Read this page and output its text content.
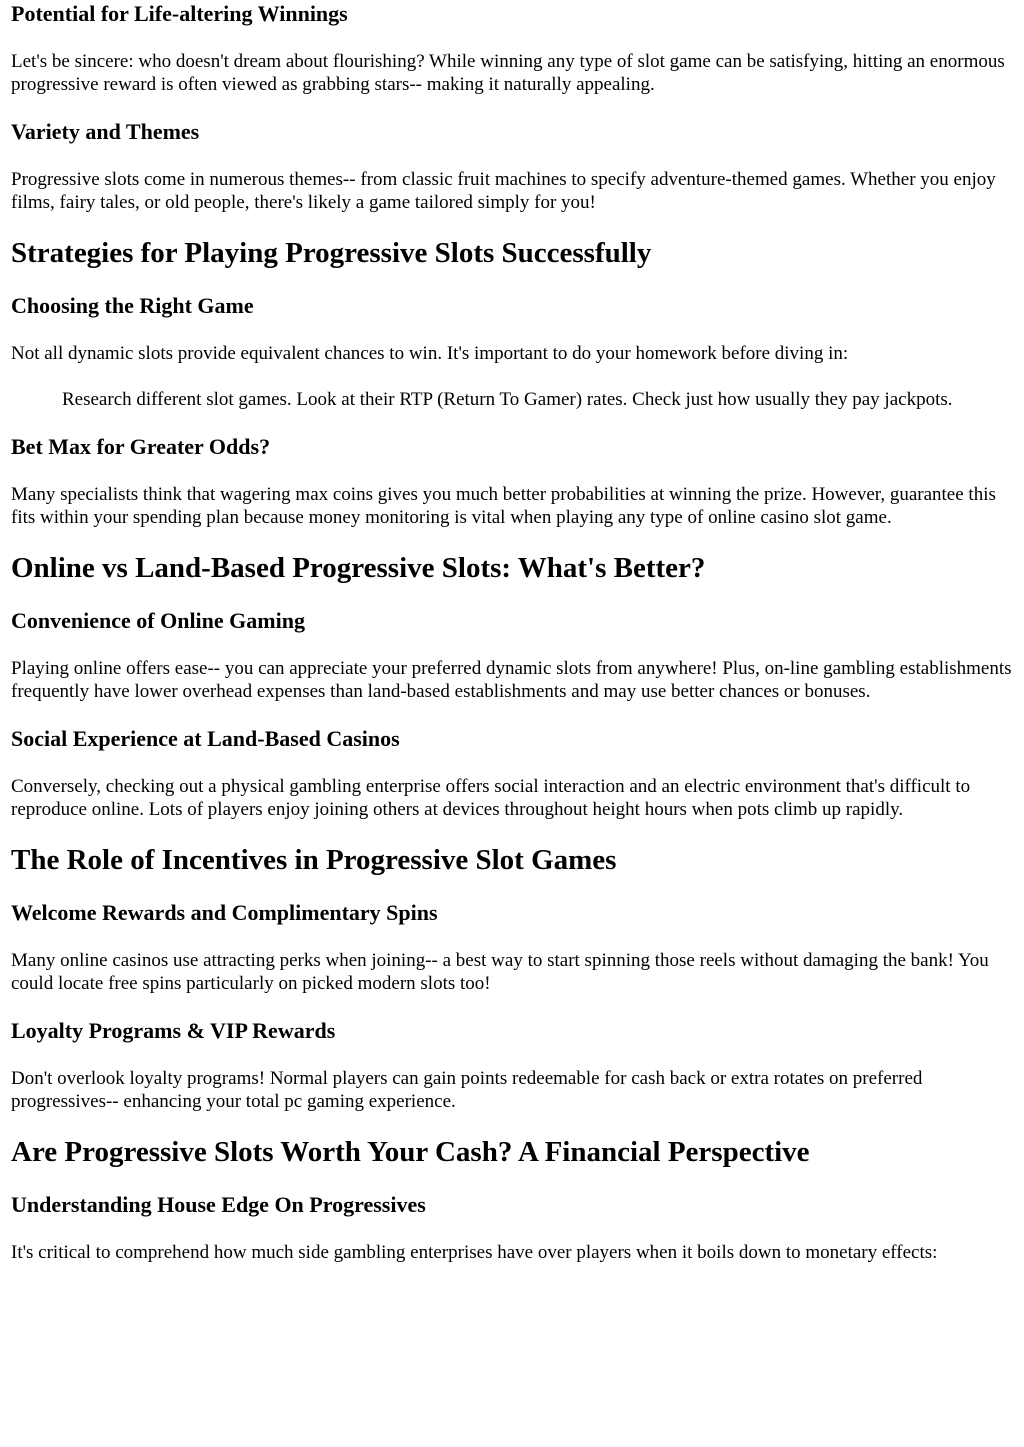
Potential for Life-altering Winnings

Let's be sincere: who doesn't dream about flourishing? While winning any type of slot game can be satisfying, hitting an enormous progressive reward is often viewed as grabbing stars-- making it naturally appealing.

Variety and Themes

Progressive slots come in numerous themes-- from classic fruit machines to specify adventure-themed games. Whether you enjoy films, fairy tales, or old people, there's likely a game tailored simply for you!

Strategies for Playing Progressive Slots Successfully
Choosing the Right Game

Not all dynamic slots provide equivalent chances to win. It's important to do your homework before diving in:

Research different slot games. Look at their RTP (Return To Gamer) rates. Check just how usually they pay jackpots.
Bet Max for Greater Odds?

Many specialists think that wagering max coins gives you much better probabilities at winning the prize. However, guarantee this fits within your spending plan because money monitoring is vital when playing any type of online casino slot game.

Online vs Land-Based Progressive Slots: What's Better?
Convenience of Online Gaming

Playing online offers ease-- you can appreciate your preferred dynamic slots from anywhere! Plus, on-line gambling establishments frequently have lower overhead expenses than land-based establishments and may use better chances or bonuses.

Social Experience at Land-Based Casinos

Conversely, checking out a physical gambling enterprise offers social interaction and an electric environment that's difficult to reproduce online. Lots of players enjoy joining others at devices throughout height hours when pots climb up rapidly.

The Role of Incentives in Progressive Slot Games
Welcome Rewards and Complimentary Spins

Many online casinos use attracting perks when joining-- a best way to start spinning those reels without damaging the bank! You could locate free spins particularly on picked modern slots too!

Loyalty Programs & VIP Rewards

Don't overlook loyalty programs! Normal players can gain points redeemable for cash back or extra rotates on preferred progressives-- enhancing your total pc gaming experience.

Are Progressive Slots Worth Your Cash? A Financial Perspective
Understanding House Edge On Progressives

It's critical to comprehend how much side gambling enterprises have over players when it boils down to monetary effects:
